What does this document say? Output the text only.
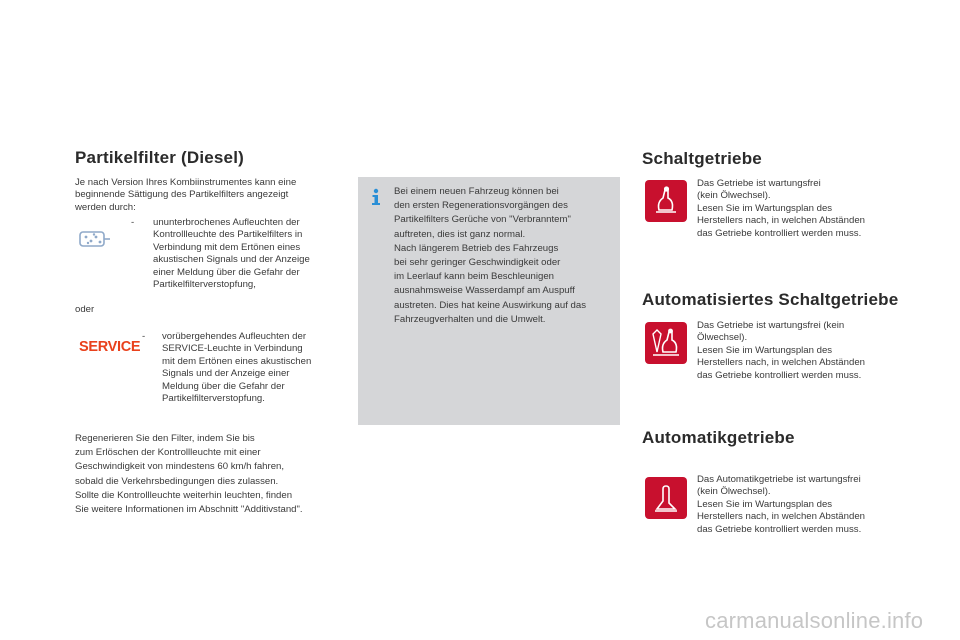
Partikelfilter (Diesel)
Je nach Version Ihres Kombiinstrumentes kann eine
beginnende Sättigung des Partikelfilters angezeigt
werden durch:
- ununterbrochenes Aufleuchten der
Kontrollleuchte des Partikelfilters in
Verbindung mit dem Ertönen eines
akustischen Signals und der Anzeige
einer Meldung über die Gefahr der
Partikelfilterverstopfung,
oder
SERVICE
- vorübergehendes Aufleuchten der
SERVICE-Leuchte in Verbindung
mit dem Ertönen eines akustischen
Signals und der Anzeige einer
Meldung über die Gefahr der
Partikelfilterverstopfung.
Regenerieren Sie den Filter, indem Sie bis
zum Erlöschen der Kontrollleuchte mit einer
Geschwindigkeit von mindestens 60 km/h fahren,
sobald die Verkehrsbedingungen dies zulassen.
Sollte die Kontrollleuchte weiterhin leuchten, finden
Sie weitere Informationen im Abschnitt "Additivstand".
Bei einem neuen Fahrzeug können bei
den ersten Regenerationsvorgängen des
Partikelfilters Gerüche von "Verbranntem"
auftreten, dies ist ganz normal.
Nach längerem Betrieb des Fahrzeugs
bei sehr geringer Geschwindigkeit oder
im Leerlauf kann beim Beschleunigen
ausnahmsweise Wasserdampf am Auspuff
austreten. Dies hat keine Auswirkung auf das
Fahrzeugverhalten und die Umwelt.
Schaltgetriebe
Das Getriebe ist wartungsfrei
(kein Ölwechsel).
Lesen Sie im Wartungsplan des
Herstellers nach, in welchen Abständen
das Getriebe kontrolliert werden muss.
Automatisiertes Schaltgetriebe
Das Getriebe ist wartungsfrei (kein
Ölwechsel).
Lesen Sie im Wartungsplan des
Herstellers nach, in welchen Abständen
das Getriebe kontrolliert werden muss.
Automatikgetriebe
Das Automatikgetriebe ist wartungsfrei
(kein Ölwechsel).
Lesen Sie im Wartungsplan des
Herstellers nach, in welchen Abständen
das Getriebe kontrolliert werden muss.
carmanualsonline.info
